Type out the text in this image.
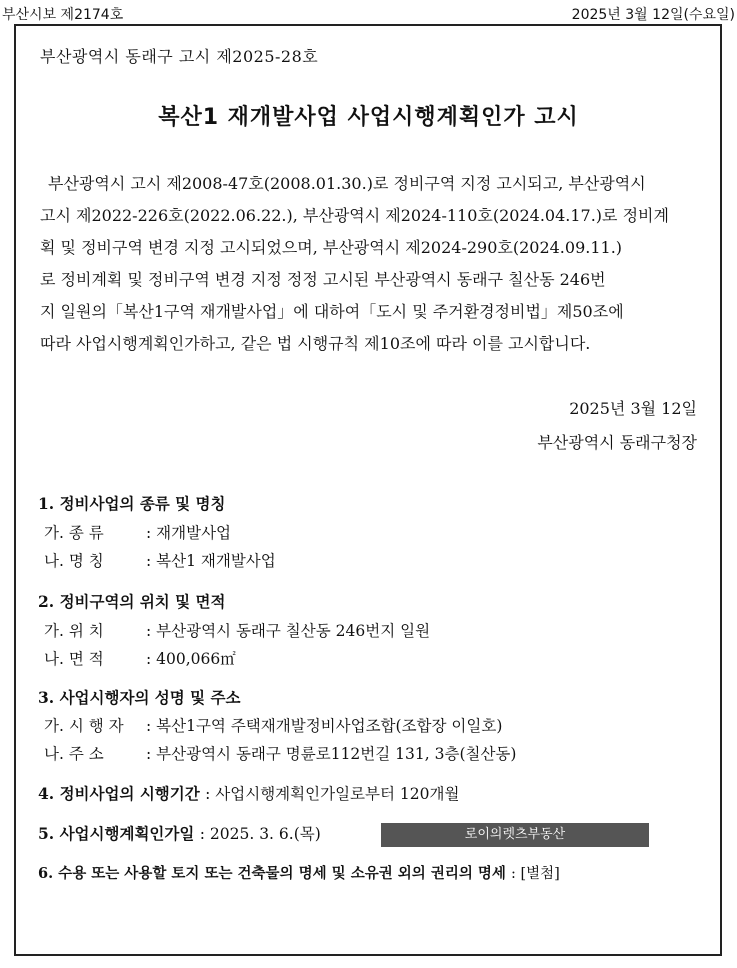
부산시보 제2174호	2025년 3월 12일(수요일)
부산광역시 동래구 고시 제2025-28호
복산1 재개발사업 사업시행계획인가 고시

부산광역시 고시 제2008-47호(2008.01.30.)로 정비구역 지정 고시되고, 부산광역시

고시 제2022-226호(2022.06.22.), 부산광역시 제2024-110호(2024.04.17.)로 정비계

획 및 정비구역 변경 지정 고시되었으며, 부산광역시 제2024-290호(2024.09.11.)

로 정비계획 및 정비구역 변경 지정 정정 고시된 부산광역시 동래구 칠산동 246번

지 일원의「복산1구역 재개발사업」에 대하여「도시 및 주거환경정비법」제50조에

따라 사업시행계획인가하고, 같은 법 시행규칙 제10조에 따라 이를 고시합니다.

2025년 3월 12일
부산광역시 동래구청장
1. 정비사업의 종류 및 명칭
가. 종 류	: 재개발사업
나. 명 칭	: 복산1 재개발사업
2. 정비구역의 위치 및 면적
가. 위 치	: 부산광역시 동래구 칠산동 246번지 일원
나. 면 적	: 400,066㎡
3. 사업시행자의 성명 및 주소
가. 시 행 자 : 복산1구역 주택재개발정비사업조합(조합장 이일호)
나. 주 소	: 부산광역시 동래구 명륜로112번길 131, 3층(칠산동)
4. 정비사업의 시행기간 : 사업시행계획인가일로부터 120개월
5. 사업시행계획인가일 : 2025. 3. 6.(목)
6. 수용 또는 사용할 토지 또는 건축물의 명세 및 소유권 외의 권리의 명세 : [별첨]
로이의렛츠부동산 http://letsbudongsan.com
